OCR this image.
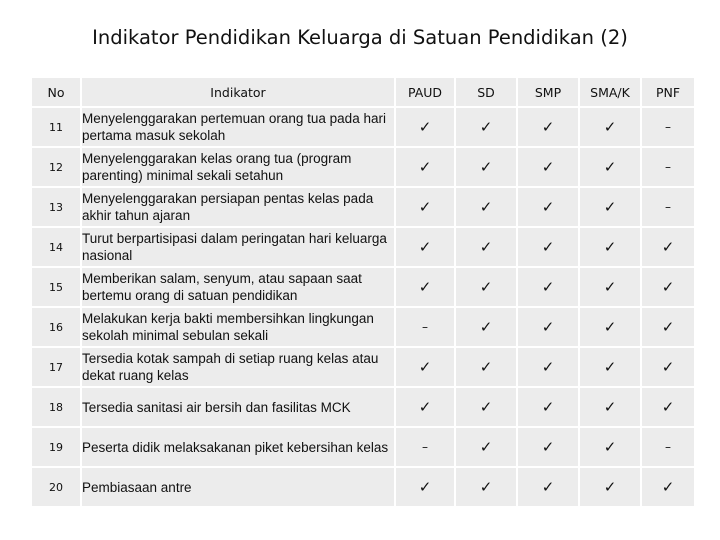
Indikator Pendidikan Keluarga di Satuan Pendidikan (2)
No	Indikator	PAUD	SD	SMP	SMA/K	PNF
11	Menyelenggarakan pertemuan orang tua pada hari pertama masuk sekolah	✓	✓	✓	✓	–
12	Menyelenggarakan kelas orang tua (program parenting) minimal sekali setahun	✓	✓	✓	✓	–
13	Menyelenggarakan persiapan pentas kelas pada akhir tahun ajaran	✓	✓	✓	✓	–
14	Turut berpartisipasi dalam peringatan hari keluarga nasional	✓	✓	✓	✓	✓
15	Memberikan salam, senyum, atau sapaan saat bertemu orang di satuan pendidikan	✓	✓	✓	✓	✓
16	Melakukan kerja bakti membersihkan lingkungan sekolah minimal sebulan sekali	–	✓	✓	✓	✓
17	Tersedia kotak sampah di setiap ruang kelas atau dekat ruang kelas	✓	✓	✓	✓	✓
18	Tersedia sanitasi air bersih dan fasilitas MCK	✓	✓	✓	✓	✓
19	Peserta didik melaksakanan piket kebersihan kelas	–	✓	✓	✓	–
20	Pembiasaan antre	✓	✓	✓	✓	✓
